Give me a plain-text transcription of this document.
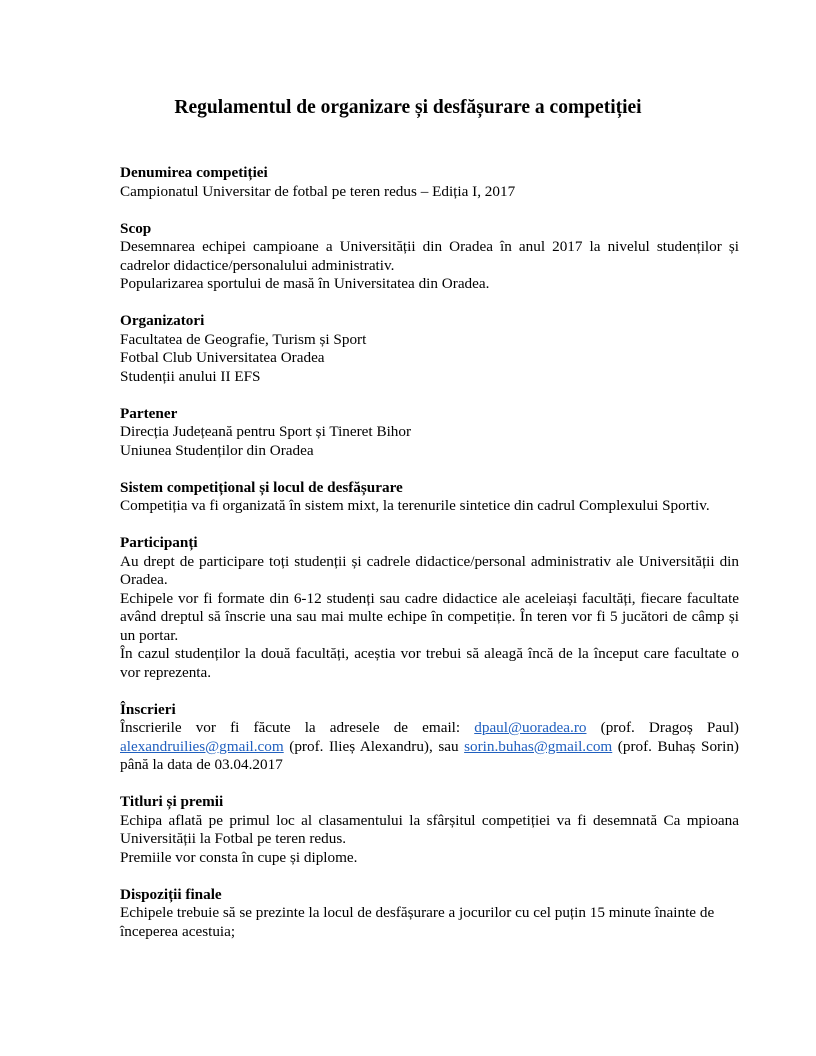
Regulamentul de organizare și desfășurare a competiției

Denumirea competiției

Campionatul Universitar de fotbal pe teren redus – Ediția I, 2017

Scop

Desemnarea echipei campioane a Universității din Oradea în anul 2017 la nivelul studenților și cadrelor didactice/personalului administrativ.

Popularizarea sportului de masă în Universitatea din Oradea.

Organizatori

Facultatea de Geografie, Turism și Sport

Fotbal Club Universitatea Oradea

Studenții anului II EFS

Partener

Direcția Județeană pentru Sport și Tineret Bihor

Uniunea Studenților din Oradea

Sistem competițional și locul de desfășurare

Competiția va fi organizată în sistem mixt, la terenurile sintetice din cadrul Complexului Sportiv.

Participanți

Au drept de participare toți studenții și cadrele didactice/personal administrativ ale Universității din Oradea.

Echipele vor fi formate din 6-12 studenți sau cadre didactice ale aceleiași facultăți, fiecare facultate având dreptul să înscrie una sau mai multe echipe în competiție. În teren vor fi 5 jucători de câmp și un portar.

În cazul studenților la două facultăți, aceștia vor trebui să aleagă încă de la început care facultate o vor reprezenta.

Înscrieri

Înscrierile vor fi făcute la adresele de email: dpaul@uoradea.ro (prof. Dragoș Paul) alexandruilies@gmail.com (prof. Ilieș Alexandru), sau sorin.buhas@gmail.com (prof. Buhaș Sorin) până la data de 03.04.2017

Titluri și premii

Echipa aflată pe primul loc al clasamentului la sfârșitul competiției va fi desemnată Ca mpioana Universității la Fotbal pe teren redus.

Premiile vor consta în cupe și diplome.

Dispoziții finale

Echipele trebuie să se prezinte la locul de desfășurare a jocurilor cu cel puțin 15 minute înainte de începerea acestuia;
